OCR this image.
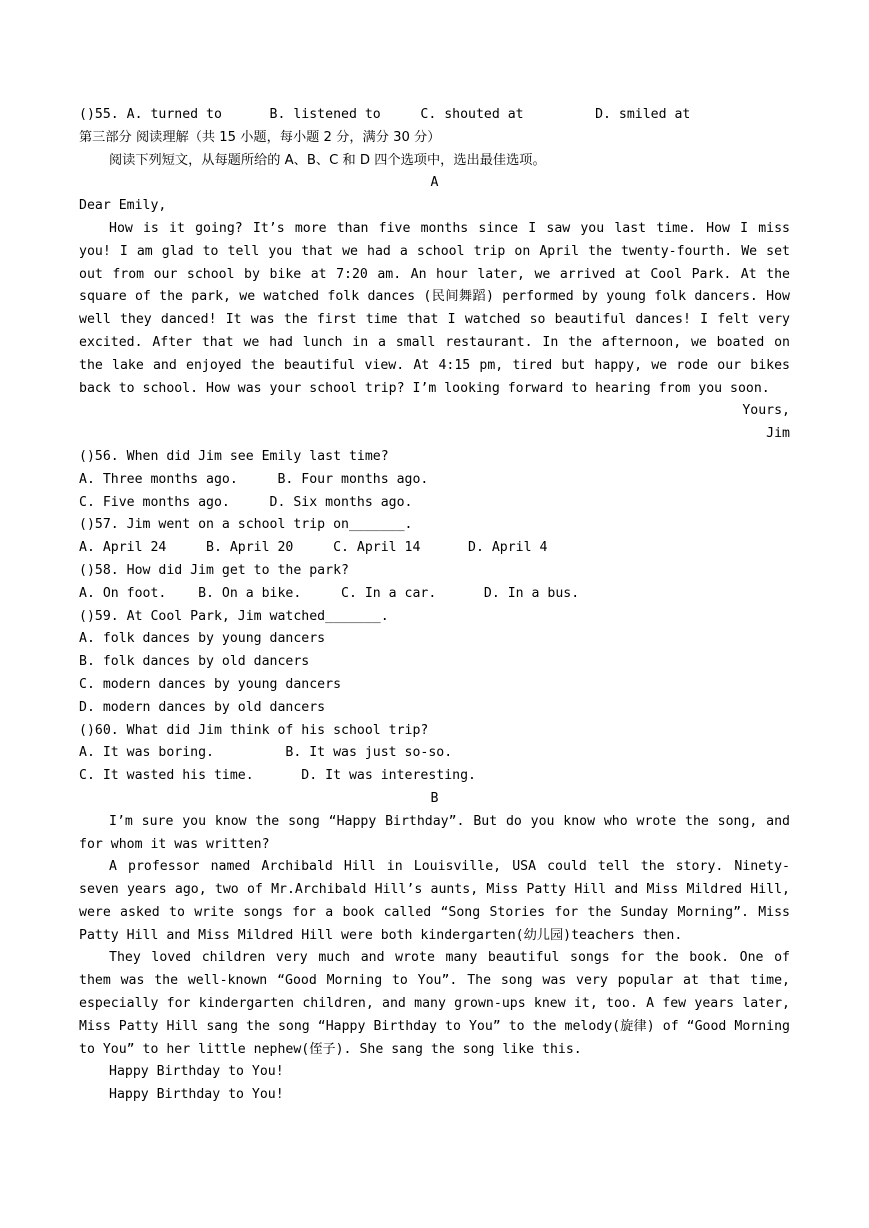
()55. A. turned to      B. listened to     C. shouted at         D. smiled at
第三部分 阅读理解（共 15 小题，每小题 2 分，满分 30 分）
阅读下列短文，从每题所给的 A、B、C 和 D 四个选项中，选出最佳选项。
A
Dear Emily,
How is it going? It’s more than five months since I saw you last time. How I miss you! I am glad to tell you that we had a school trip on April the twenty-fourth. We set out from our school by bike at 7:20 am. An hour later, we arrived at Cool Park. At the square of the park, we watched folk dances (民间舞蹈) performed by young folk dancers. How well they danced! It was the first time that I watched so beautiful dances! I felt very excited. After that we had lunch in a small restaurant. In the afternoon, we boated on the lake and enjoyed the beautiful view. At 4:15 pm, tired but happy, we rode our bikes back to school. How was your school trip? I’m looking forward to hearing from you soon.
Yours,
Jim
()56. When did Jim see Emily last time?
A. Three months ago.     B. Four months ago.
C. Five months ago.     D. Six months ago.
()57. Jim went on a school trip on_______.
A. April 24     B. April 20     C. April 14      D. April 4
()58. How did Jim get to the park?
A. On foot.    B. On a bike.     C. In a car.      D. In a bus.
()59. At Cool Park, Jim watched_______.
A. folk dances by young dancers
B. folk dances by old dancers
C. modern dances by young dancers
D. modern dances by old dancers
()60. What did Jim think of his school trip?
A. It was boring.         B. It was just so-so.
C. It wasted his time.      D. It was interesting.
B
I’m sure you know the song “Happy Birthday”. But do you know who wrote the song, and for whom it was written?
A professor named Archibald Hill in Louisville, USA could tell the story. Ninety-seven years ago, two of Mr.Archibald Hill’s aunts, Miss Patty Hill and Miss Mildred Hill, were asked to write songs for a book called “Song Stories for the Sunday Morning”. Miss Patty Hill and Miss Mildred Hill were both kindergarten(幼儿园)teachers then.
They loved children very much and wrote many beautiful songs for the book. One of them was the well-known “Good Morning to You”. The song was very popular at that time, especially for kindergarten children, and many grown-ups knew it, too. A few years later, Miss Patty Hill sang the song “Happy Birthday to You” to the melody(旋律) of “Good Morning to You” to her little nephew(侄子). She sang the song like this.
Happy Birthday to You!
Happy Birthday to You!
